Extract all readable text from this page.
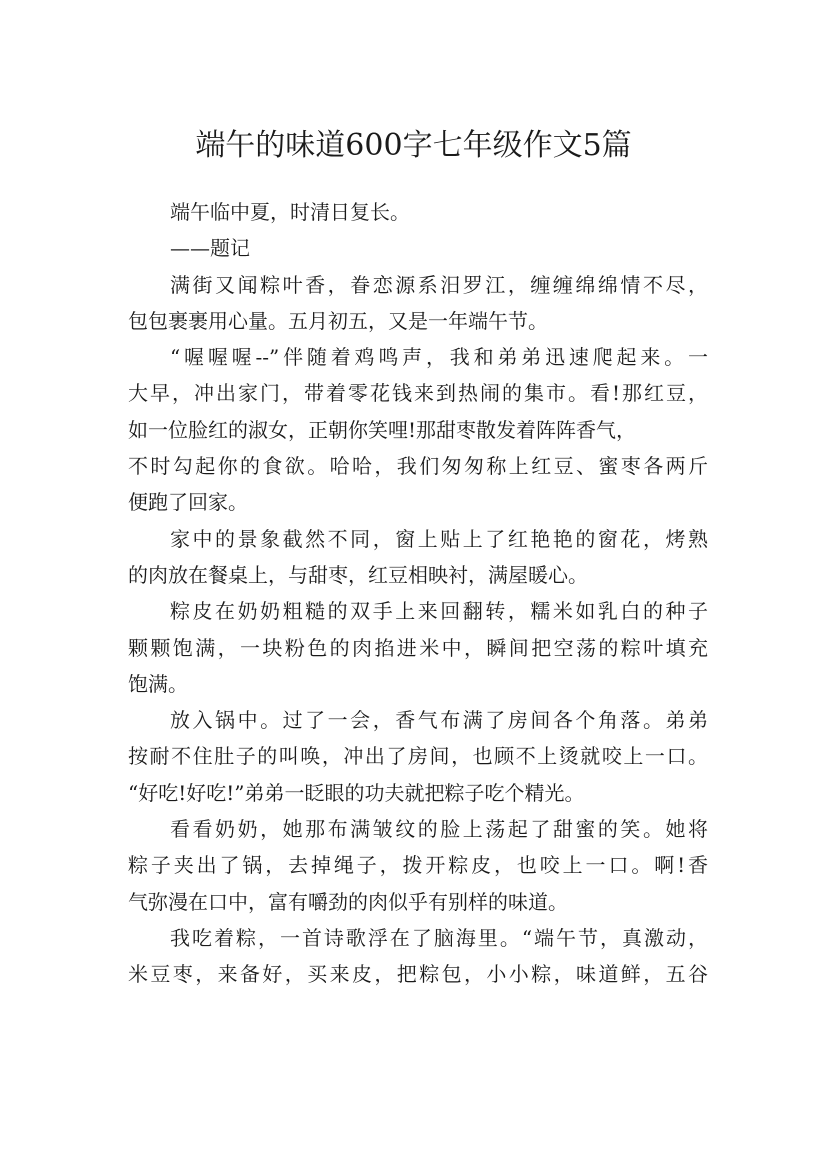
端午的味道600字七年级作文5篇
端午临中夏，时清日复长。
——题记
满街又闻粽叶香，眷恋源系汨罗江，缠缠绵绵情不尽，
包包裹裹用心量。五月初五，又是一年端午节。
“喔喔喔--”伴随着鸡鸣声，我和弟弟迅速爬起来。一
大早，冲出家门，带着零花钱来到热闹的集市。看!那红豆，
如一位脸红的淑女，正朝你笑哩!那甜枣散发着阵阵香气，
不时勾起你的食欲。哈哈，我们匆匆称上红豆、蜜枣各两斤
便跑了回家。
家中的景象截然不同，窗上贴上了红艳艳的窗花，烤熟
的肉放在餐桌上，与甜枣，红豆相映衬，满屋暖心。
粽皮在奶奶粗糙的双手上来回翻转，糯米如乳白的种子
颗颗饱满，一块粉色的肉掐进米中，瞬间把空荡的粽叶填充
饱满。
放入锅中。过了一会，香气布满了房间各个角落。弟弟
按耐不住肚子的叫唤，冲出了房间，也顾不上烫就咬上一口。
“好吃!好吃!”弟弟一眨眼的功夫就把粽子吃个精光。
看看奶奶，她那布满皱纹的脸上荡起了甜蜜的笑。她将
粽子夹出了锅，去掉绳子，拨开粽皮，也咬上一口。啊!香
气弥漫在口中，富有嚼劲的肉似乎有别样的味道。
我吃着粽，一首诗歌浮在了脑海里。“端午节，真激动，
米豆枣，来备好，买来皮，把粽包，小小粽，味道鲜，五谷
